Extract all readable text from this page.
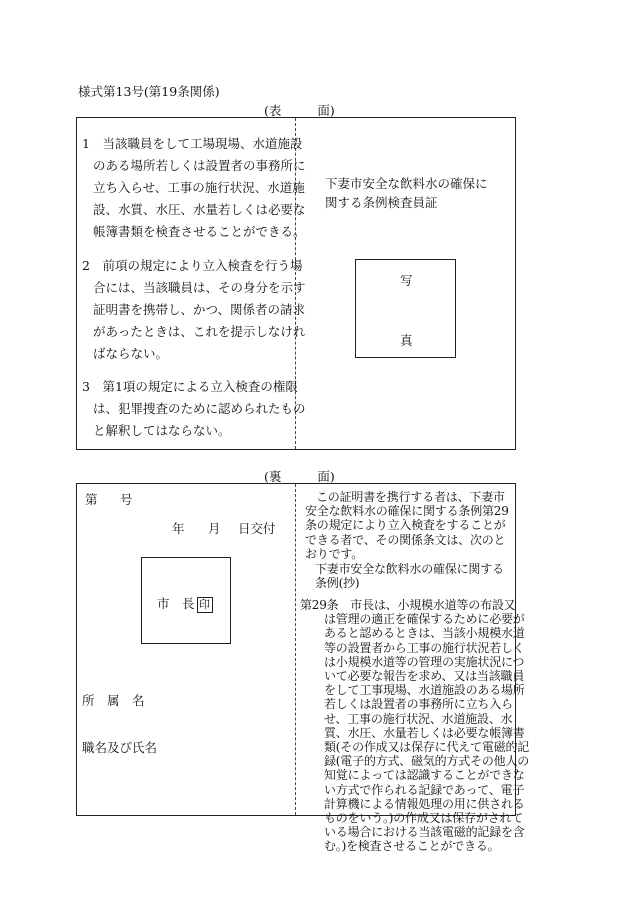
様式第13号(第19条関係)
(表	面)
1　当該職員をして工場現場、水道施設
のある場所若しくは設置者の事務所に
立ち入らせ、工事の施行状況、水道施
設、水質、水圧、水量若しくは必要な
帳簿書類を検査させることができる。
2　前項の規定により立入検査を行う場
合には、当該職員は、その身分を示す
証明書を携帯し、かつ、関係者の請求
があったときは、これを提示しなけれ
ばならない。
3　第1項の規定による立入検査の権限
は、犯罪捜査のために認められたもの
と解釈してはならない。
下妻市安全な飲料水の確保に
関する条例検査員証
写
真
(裏	面)
第 号
年 月 日交付
市　長 印
所　属　名
職名及び氏名
この証明書を携行する者は、下妻市
安全な飲料水の確保に関する条例第29
条の規定により立入検査をすることが
できる者で、その関係条文は、次のと
おりです。
下妻市安全な飲料水の確保に関する
条例(抄)
第29条　市長は、小規模水道等の布設又
は管理の適正を確保するために必要が
あると認めるときは、当該小規模水道
等の設置者から工事の施行状況若しく
は小規模水道等の管理の実施状況につ
いて必要な報告を求め、又は当該職員
をして工事現場、水道施設のある場所
若しくは設置者の事務所に立ち入ら
せ、工事の施行状況、水道施設、水
質、水圧、水量若しくは必要な帳簿書
類(その作成又は保存に代えて電磁的記
録(電子的方式、磁気的方式その他人の
知覚によっては認識することができな
い方式で作られる記録であって、電子
計算機による情報処理の用に供される
ものをいう。)の作成又は保存がされて
いる場合における当該電磁的記録を含
む。)を検査させることができる。
